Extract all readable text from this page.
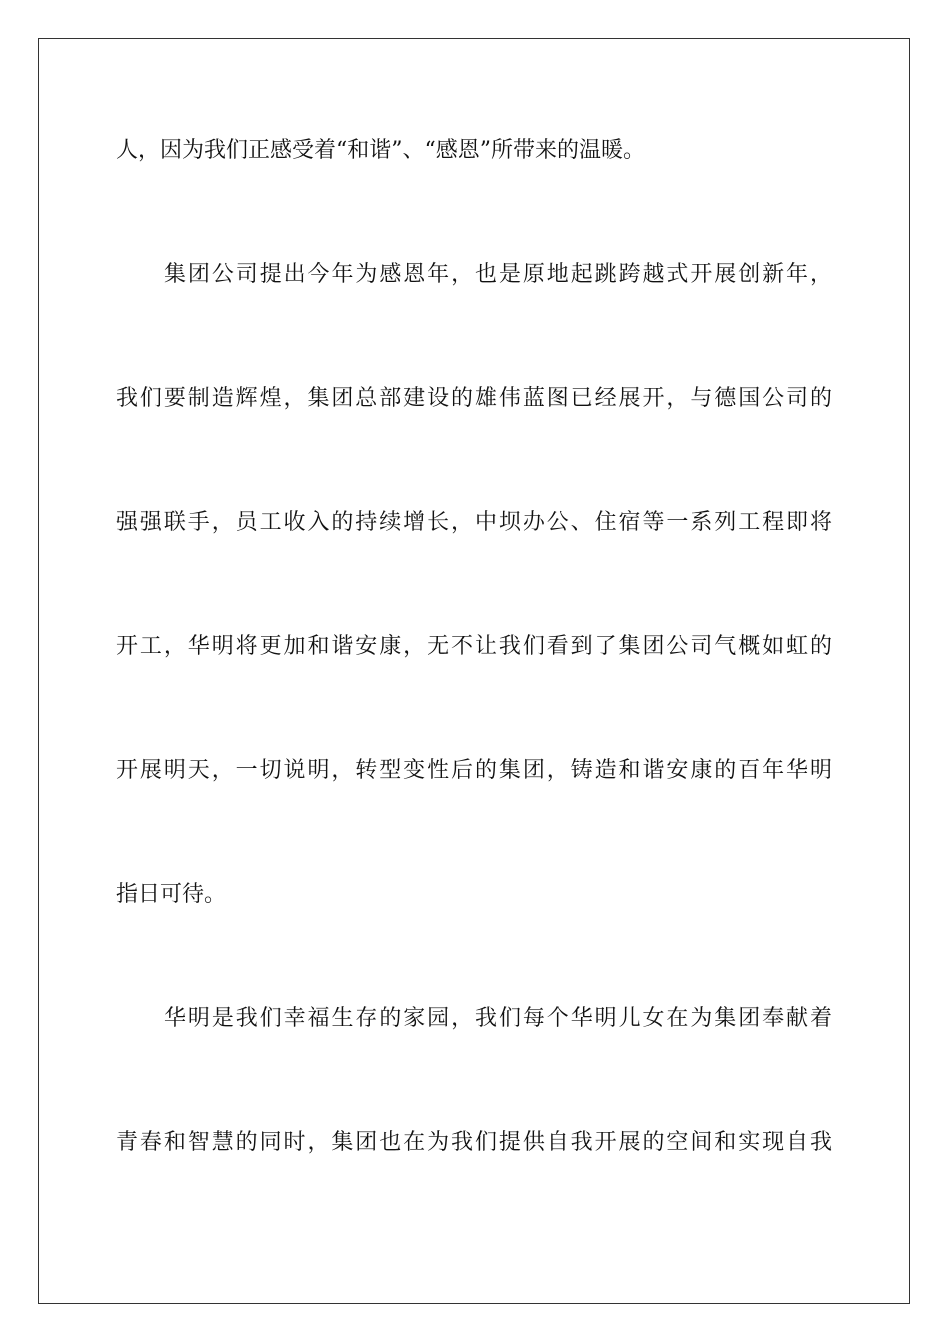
人，因为我们正感受着“和谐”、“感恩”所带来的温暖。
集团公司提出今年为感恩年，也是原地起跳跨越式开展创新年，
我们要制造辉煌，集团总部建设的雄伟蓝图已经展开，与德国公司的
强强联手，员工收入的持续增长，中坝办公、住宿等一系列工程即将
开工，华明将更加和谐安康，无不让我们看到了集团公司气概如虹的
开展明天，一切说明，转型变性后的集团，铸造和谐安康的百年华明
指日可待。
华明是我们幸福生存的家园，我们每个华明儿女在为集团奉献着
青春和智慧的同时，集团也在为我们提供自我开展的空间和实现自我
